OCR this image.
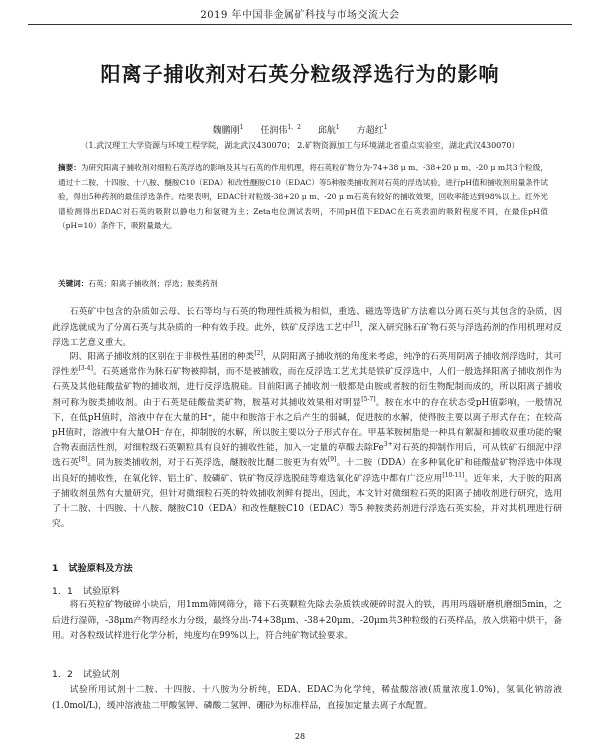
2019 年中国非金属矿科技与市场交流大会
阳离子捕收剂对石英分粒级浮选行为的影响
魏鹏刚$^1$ 任润伟$^{1,2}$ 邱航$^1$ 方超红$^1$
（1.武汉理工大学资源与环境工程学院，湖北武汉430070； 2.矿物资源加工与环境湖北省重点实验室，湖北武汉430070）
摘要：为研究阳离子捕收剂对细粒石英浮选的影响及其与石英的作用机理，将石英粒矿物分为-74+38 μ m、-38+20 μ m、-20 μ m共3个粒级，通过十二胺、十四胺、十八胺、醚胺C10（EDA）和改性醚胺C10（EDAC）等5种胺类捕收剂对石英的浮选试验，进行pH值和捕收剂用量条件试验，得出5种药剂的最佳浮选条件。结果表明，EDAC针对粒级-38+20 μ m、-20 μ m石英有较好的捕收效果，回收率能达到98%以上。红外光谱检测得出EDAC对石英的吸附以静电力和氢键为主；Zeta电位测试表明，不同pH值下EDAC在石英表面的吸附程度不同，在最佳pH值（pH=10）条件下，吸附量最大。
关键词：石英；阳离子捕收剂；浮选；胺类药剂
石英矿中包含的杂质如云母、长石等均与石英的物理性质极为相似，重选、磁选等选矿方法难以分离石英与其包含的杂质，因此浮选就成为了分离石英与其杂质的一种有效手段。此外，铁矿反浮选工艺中[1]，深入研究脉石矿物石英与浮选药剂的作用机理对反浮选工艺意义重大。
阴、阳离子捕收剂的区别在于非极性基团的种类[2]，从阴阳离子捕收剂的角度来考虑，纯净的石英用阴离子捕收剂浮选时，其可浮性差[3-4]。石英通常作为脉石矿物被抑制，而不是被捕收，而在反浮选工艺尤其是铁矿反浮选中，人们一般选择阳离子捕收剂作为石英及其他硅酸盐矿物的捕收剂，进行反浮选脱硅。目前阳离子捕收剂一般都是由胺或者胺的衍生物配制而成的，所以阳离子捕收剂可称为胺类捕收剂。由于石英是硅酸盐类矿物，胺基对其捕收效果相对明显[5-7]。胺在水中的存在状态受pH值影响，一般情况下，在低pH值时，溶液中存在大量的H⁺，能中和胺溶于水之后产生的弱碱，促进胺的水解，使得胺主要以离子形式存在；在较高pH值时，溶液中有大量OH⁻存在，抑制胺的水解，所以胺主要以分子形式存在。甲基苯胺树脂是一种具有絮凝和捕收双重功能的聚合物表面活性剂，对细粒级石英颗粒具有良好的捕收性能，加入一定量的草酸去除$Fe^{3+}$对石英的抑制作用后，可从铁矿石细泥中浮选石英[8]。同为胺类捕收剂，对于石英浮选，醚胺胺比醚二胺更为有效[9]。十二胺（DDA）在多种氧化矿和硅酸盐矿物浮选中体现出良好的捕收性，在氧化锌、铝土矿、胶磷矿、铁矿物反浮选脱硅等难选氧化矿浮选中都有广泛应用[10-11]。近年来，大于胺的阳离子捕收剂虽然有大量研究，但针对微细粒石英的特效捕收剂鲜有提出，因此，本文针对微细粒石英的阳离子捕收剂进行研究，选用了十二胺、十四胺、十八胺、醚胺C10（EDA）和改性醚胺C10（EDAC）等5 种胺类药剂进行浮选石英实验，并对其机理进行研究。
1 试验原料及方法
1．1 试验原料
将石英粒矿物破碎小块后，用1mm筛网筛分，筛下石英颗粒先除去杂质铁或硬碎时混入的铁，再用玛瑙研磨机磨细5min，之后进行湿筛，-38μm产物再经水力分级，最终分出-74+38μm、-38+20μm、-20μm共3种粒级的石英样品，放入烘箱中烘干，备用。对各粒级试样进行化学分析，纯度均在99%以上，符合纯矿物试验要求。
1．2 试验试剂
试验所用试剂十二胺、十四胺、十八胺为分析纯，EDA、EDAC为化学纯，稀盐酸溶液(质量浓度1.0%)，氢氧化钠溶液(1.0mol/L)，缓冲溶液盐二甲酸氢钾、磷酸二氢钾、硼砂为标准样品，直接加定量去离子水配置。
28
